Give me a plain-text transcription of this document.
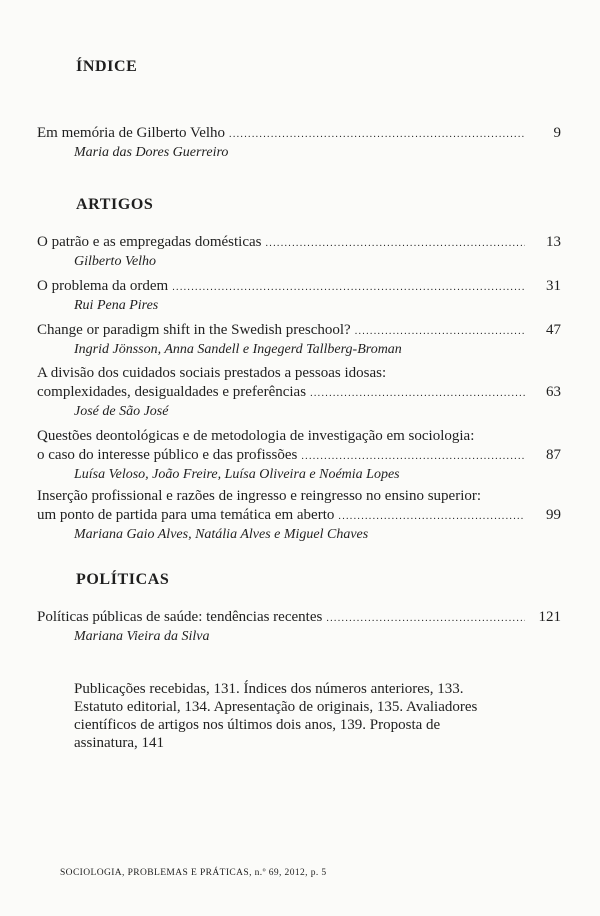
ÍNDICE
Em memória de Gilberto Velho . . .	9
Maria das Dores Guerreiro
ARTIGOS
O patrão e as empregadas domésticas . . .	13
Gilberto Velho
O problema da ordem . . .	31
Rui Pena Pires
Change or paradigm shift in the Swedish preschool? . . .	47
Ingrid Jönsson, Anna Sandell e Ingegerd Tallberg-Broman
A divisão dos cuidados sociais prestados a pessoas idosas:
complexidades, desigualdades e preferências . . .	63
José de São José
Questões deontológicas e de metodologia de investigação em sociologia:
o caso do interesse público e das profissões . . .	87
Luísa Veloso, João Freire, Luísa Oliveira e Noémia Lopes
Inserção profissional e razões de ingresso e reingresso no ensino superior:
um ponto de partida para uma temática em aberto . . .	99
Mariana Gaio Alves, Natália Alves e Miguel Chaves
POLÍTICAS
Políticas públicas de saúde: tendências recentes . . .	121
Mariana Vieira da Silva
Publicações recebidas, 131. Índices dos números anteriores, 133. Estatuto editorial, 134. Apresentação de originais, 135. Avaliadores científicos de artigos nos últimos dois anos, 139. Proposta de assinatura, 141
SOCIOLOGIA, PROBLEMAS E PRÁTICAS, n.º 69, 2012, p. 5
